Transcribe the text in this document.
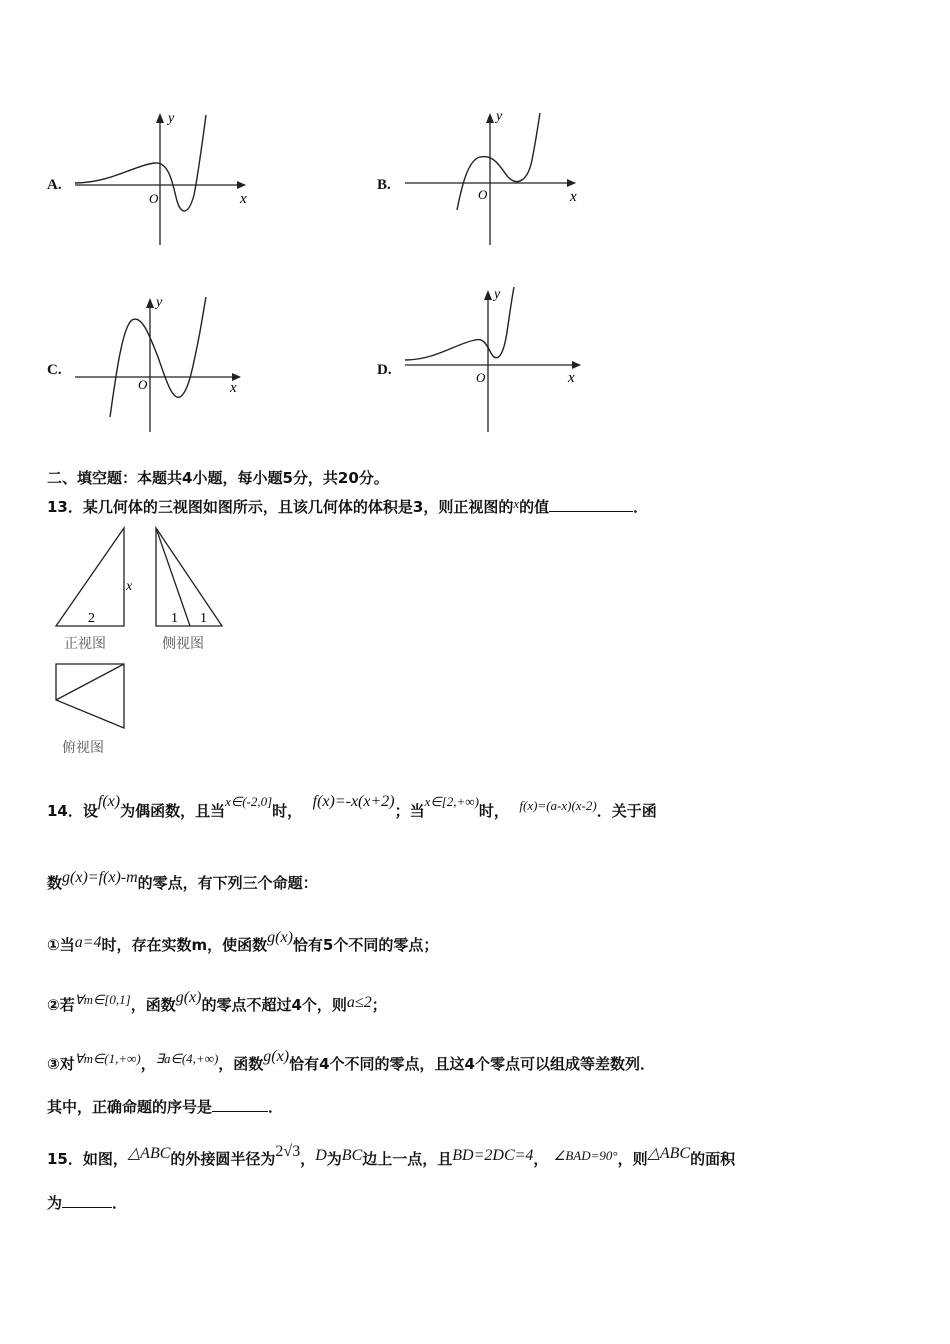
A.
y
x
O
B.
y
x
O
C.
y
x
O
D.
y
x
O
二、填空题：本题共4小题，每小题5分，共20分。
13．某几何体的三视图如图所示，且该几何体的体积是3，则正视图的x的值	．
2
x
1 1
正视图	侧视图
俯视图
14．设f(x)为偶函数，且当x∈(-2,0]时，  f(x)=-x(x+2)；当x∈[2,+∞)时， f(x)=(a-x)(x-2)．关于函
数g(x)=f(x)-m的零点，有下列三个命题：
①当a=4时，存在实数m，使函数g(x)恰有5个不同的零点；
②若∀m∈[0,1]，函数g(x)的零点不超过4个，则a≤2；
③对∀m∈(1,+∞)，∃a∈(4,+∞)，函数g(x)恰有4个不同的零点，且这4个零点可以组成等差数列．
其中，正确命题的序号是	．
15．如图，△ABC的外接圆半径为2√3，D为BC边上一点，且BD=2DC=4， ∠BAD=90°，则△ABC的面积
为	．
